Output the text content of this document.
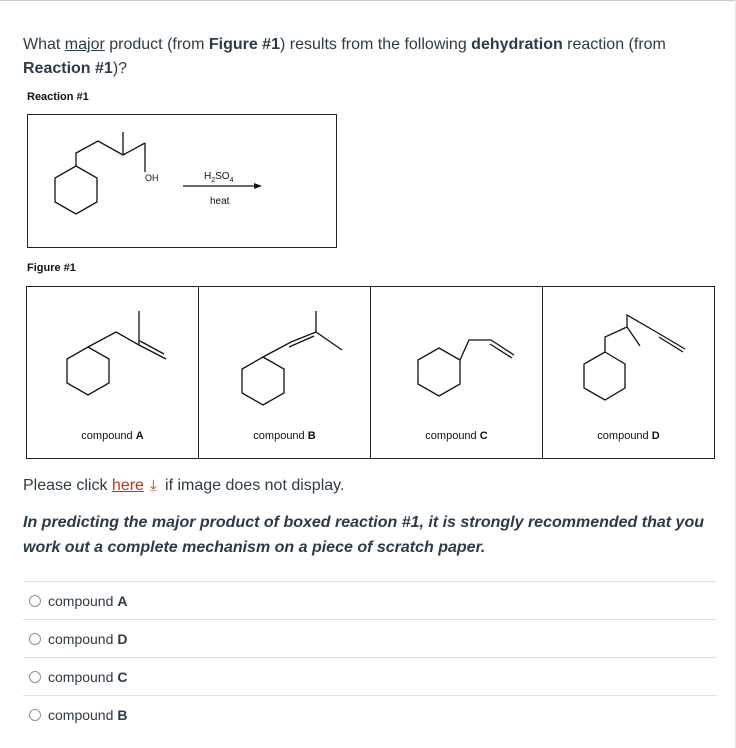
What major product (from Figure #1) results from the following dehydration reaction (from Reaction #1)?
Reaction #1
OH	$H_2SO_4$
heat
Figure #1
compound A	compound B	compound C	compound D
Please click here ⤓ if image does not display.
In predicting the major product of boxed reaction #1, it is strongly recommended that you work out a complete mechanism on a piece of scratch paper.
compound A
compound D
compound C
compound B
